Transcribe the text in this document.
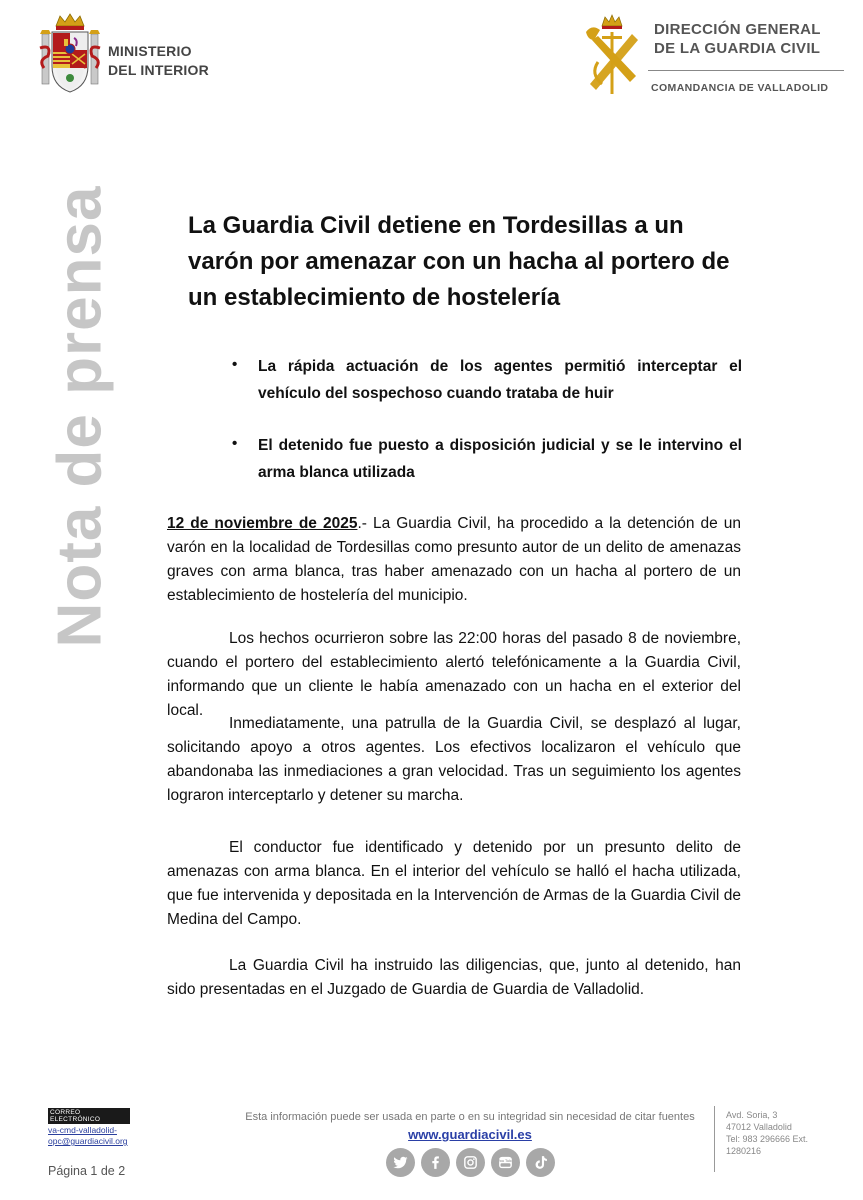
MINISTERIO
DEL INTERIOR
DIRECCIÓN GENERAL
DE LA GUARDIA CIVIL
COMANDANCIA DE VALLADOLID
Nota de prensa	La Guardia Civil detiene en Tordesillas a un varón por amenazar con un hacha al portero de un establecimiento de hostelería
• La rápida actuación de los agentes permitió interceptar el vehículo del sospechoso cuando trataba de huir
• El detenido fue puesto a disposición judicial y se le intervino el arma blanca utilizada
12 de noviembre de 2025.- La Guardia Civil, ha procedido a la detención de un varón en la localidad de Tordesillas como presunto autor de un delito de amenazas graves con arma blanca, tras haber amenazado con un hacha al portero de un establecimiento de hostelería del municipio.
Los hechos ocurrieron sobre las 22:00 horas del pasado 8 de noviembre, cuando el portero del establecimiento alertó telefónicamente a la Guardia Civil, informando que un cliente le había amenazado con un hacha en el exterior del local.
Inmediatamente, una patrulla de la Guardia Civil, se desplazó al lugar, solicitando apoyo a otros agentes. Los efectivos localizaron el vehículo que abandonaba las inmediaciones a gran velocidad. Tras un seguimiento los agentes lograron interceptarlo y detener su marcha.
El conductor fue identificado y detenido por un presunto delito de amenazas con arma blanca. En el interior del vehículo se halló el hacha utilizada, que fue intervenida y depositada en la Intervención de Armas de la Guardia Civil de Medina del Campo.
La Guardia Civil ha instruido las diligencias, que, junto al detenido, han sido presentadas en el Juzgado de Guardia de Guardia de Valladolid.
CORREO ELECTRÓNICO
va-cmd-valladolid-opc@guardiacivil.org
Página 1 de 2
Esta información puede ser usada en parte o en su integridad sin necesidad de citar fuentes
www.guardiacivil.es
You Tube
Avd. Soria, 3
47012 Valladolid
Tel: 983 296666 Ext.
1280216
